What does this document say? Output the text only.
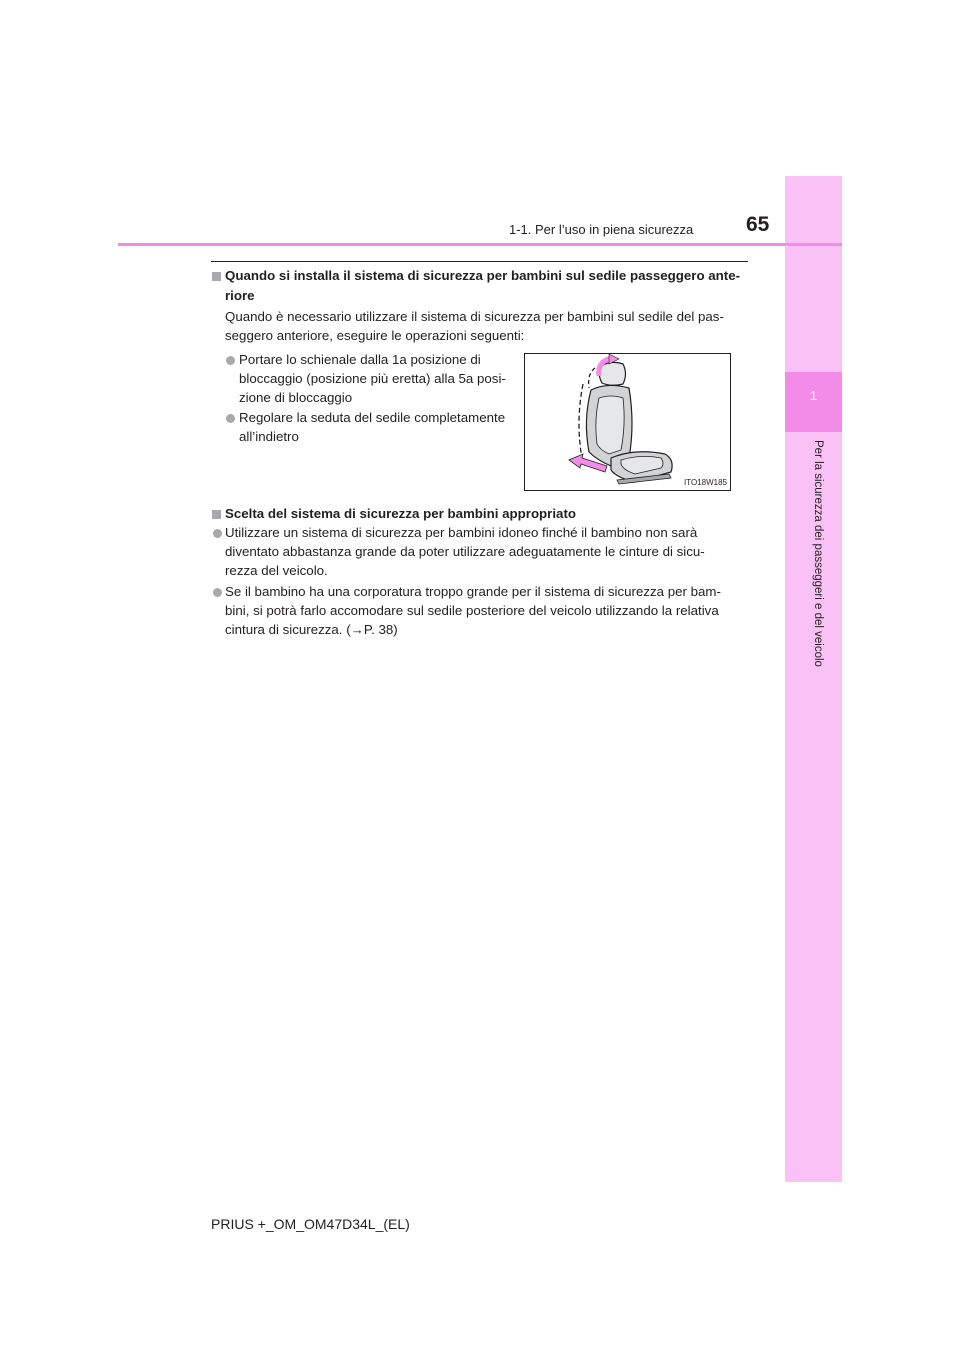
1
Per la sicurezza dei passeggeri e del veicolo
1-1. Per l’uso in piena sicurezza	65
Quando si installa il sistema di sicurezza per bambini sul sedile passeggero ante-
riore
Quando è necessario utilizzare il sistema di sicurezza per bambini sul sedile del pas-
seggero anteriore, eseguire le operazioni seguenti:
Portare lo schienale dalla 1a posizione di
bloccaggio (posizione più eretta) alla 5a posi-
zione di bloccaggio
Regolare la seduta del sedile completamente
all’indietro
ITO18W185
Scelta del sistema di sicurezza per bambini appropriato
Utilizzare un sistema di sicurezza per bambini idoneo finché il bambino non sarà
diventato abbastanza grande da poter utilizzare adeguatamente le cinture di sicu-
rezza del veicolo.
Se il bambino ha una corporatura troppo grande per il sistema di sicurezza per bam-
bini, si potrà farlo accomodare sul sedile posteriore del veicolo utilizzando la relativa
cintura di sicurezza. (→P. 38)
PRIUS +_OM_OM47D34L_(EL)
